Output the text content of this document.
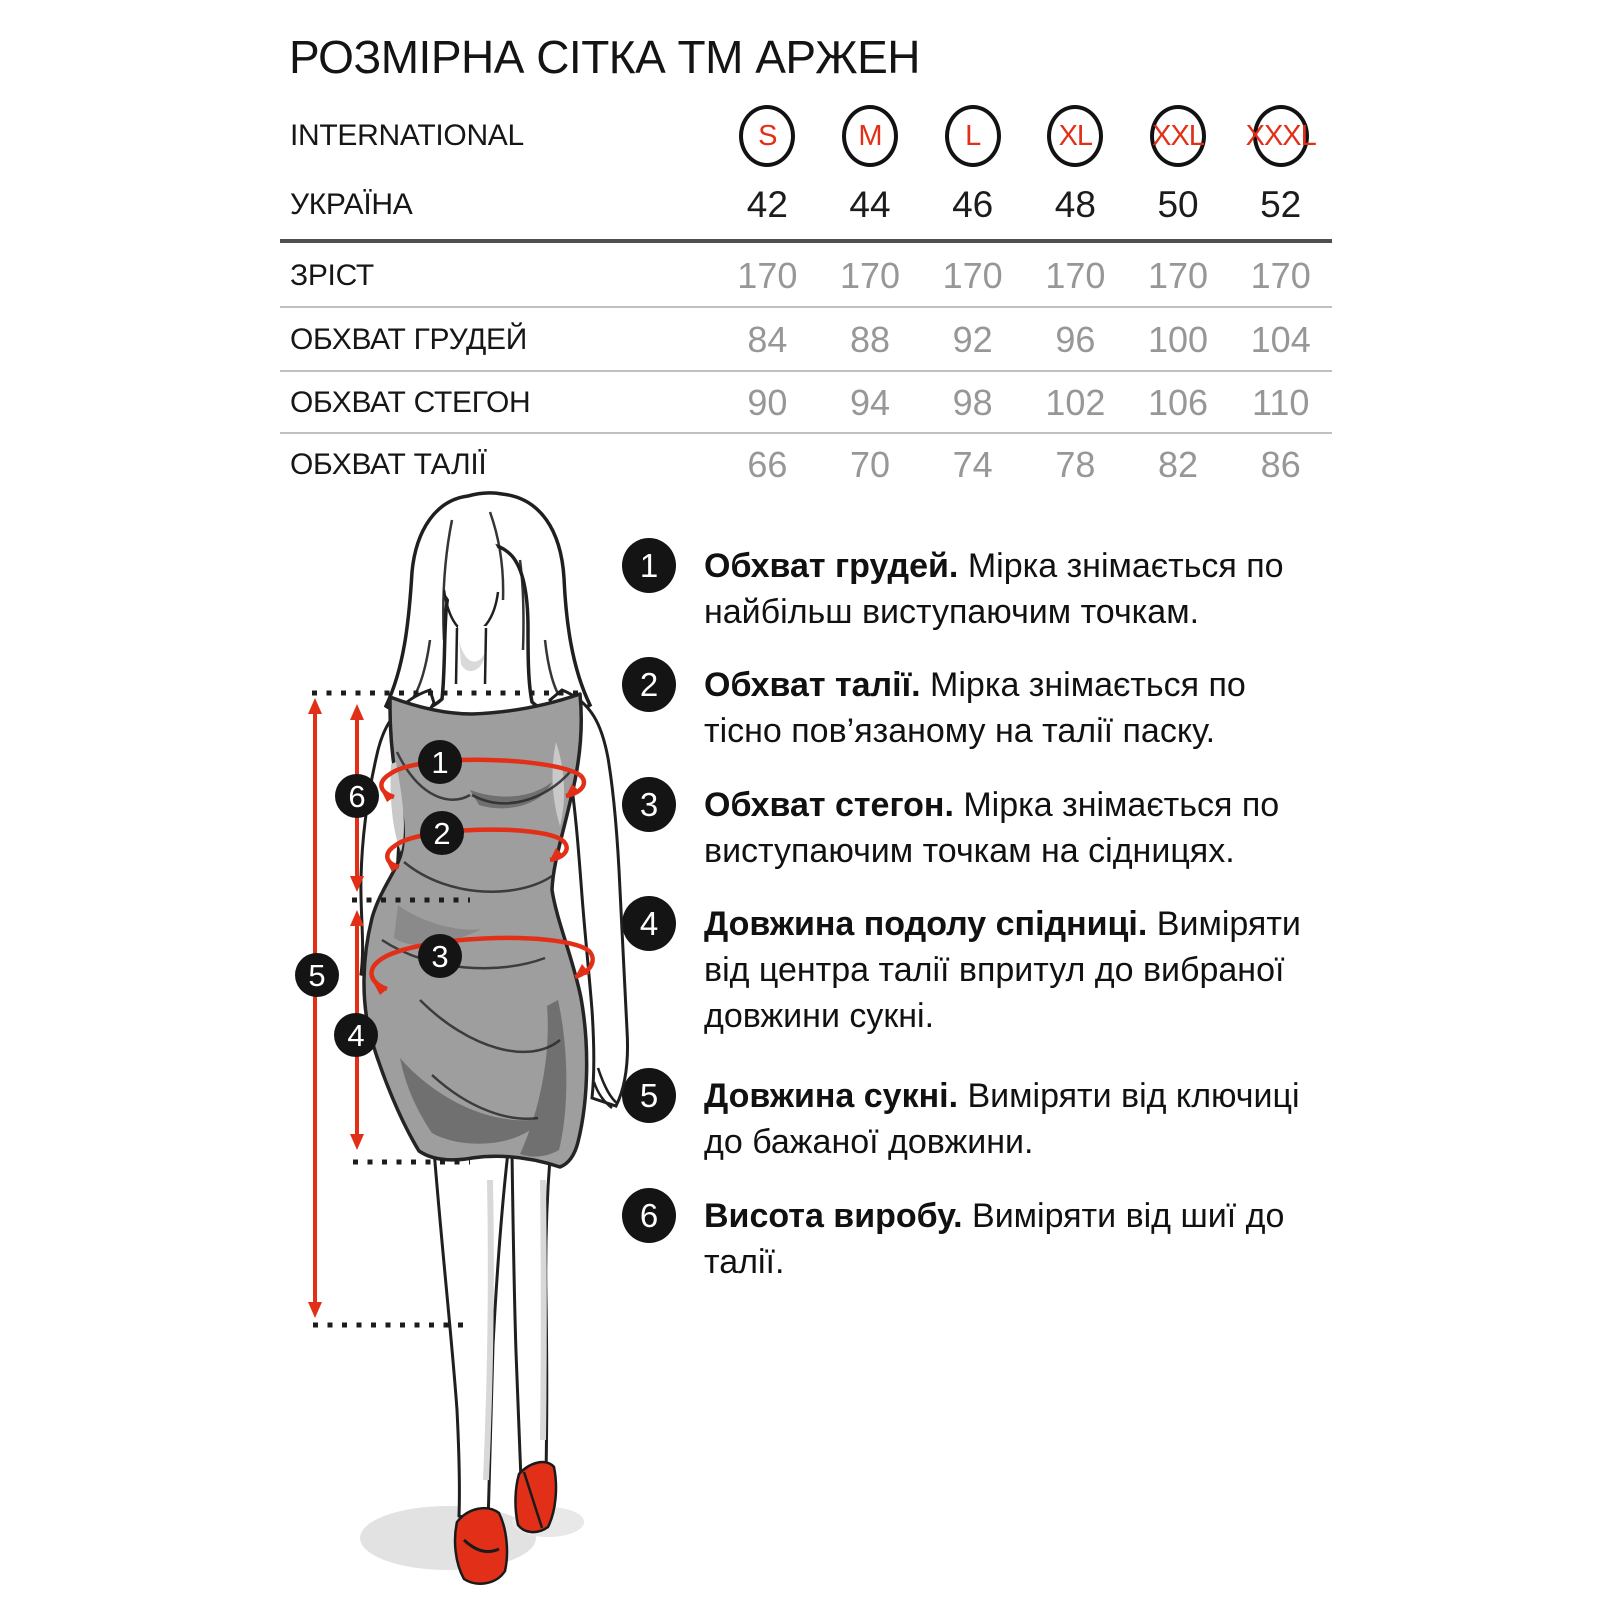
РОЗМІРНА СІТКА ТМ АРЖЕН
INTERNATIONAL	S	M	L	XL XXL XXXL
УКРАЇНА	42	44	46	48	50	52
ЗРІСТ	170	170	170	170	170	170
ОБХВАТ ГРУДЕЙ	84	88	92	96	100	104
ОБХВАТ СТЕГОН	90	94	98	102	106	110
ОБХВАТ ТАЛІЇ	66	70	74	78	82	86
1 Обхват грудей. Мірка знімається по
найбільш виступаючим точкам.
2 Обхват талії. Мірка знімається по
тісно пов’язаному на талії паску.
3 Обхват стегон. Мірка знімається по
виступаючим точкам на сідницях.
4 Довжина подолу спідниці. Виміряти
від центра талії впритул до вибраної
довжини сукні.
5 Довжина сукні. Виміряти від ключиці
до бажаної довжини.
6 Висота виробу. Виміряти від шиї до
талії.
1
2
3
4
5
6
